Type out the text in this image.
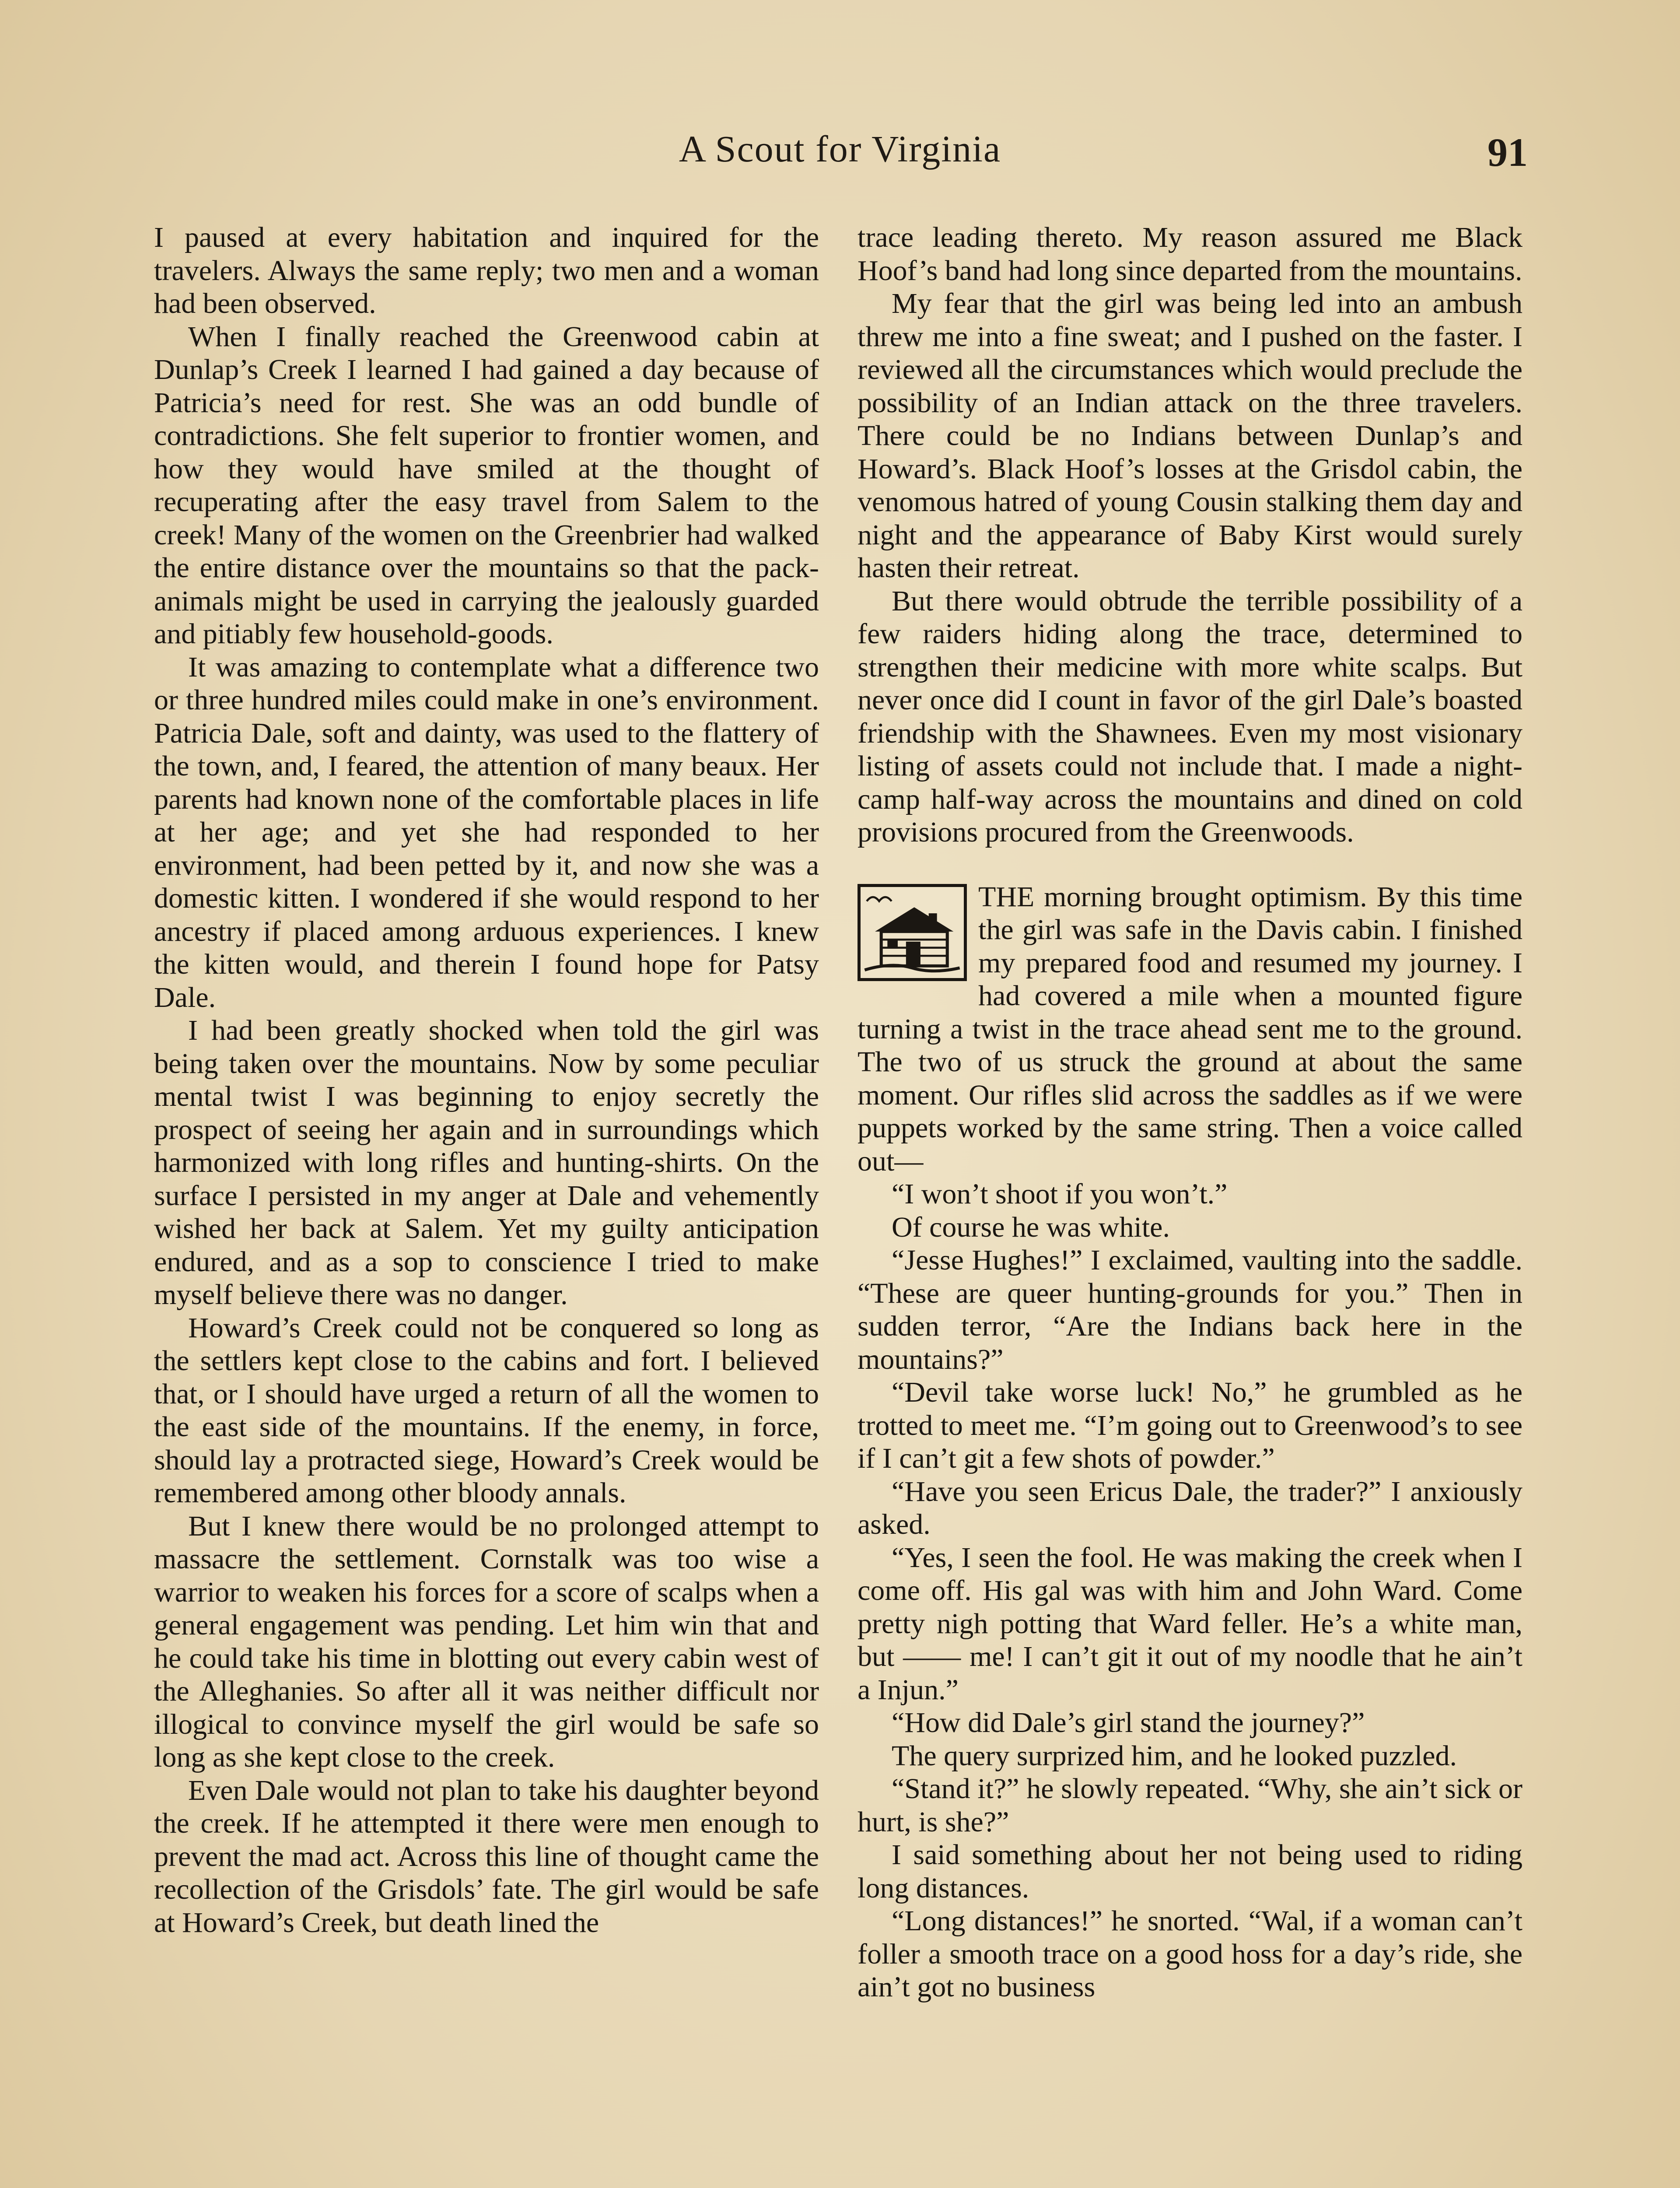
A Scout for Virginia	91

I paused at every habitation and inquired for the travelers. Always the same reply; two men and a woman had been observed.

When I finally reached the Greenwood cabin at Dunlap’s Creek I learned I had gained a day because of Patricia’s need for rest. She was an odd bundle of contradictions. She felt superior to frontier women, and how they would have smiled at the thought of recuperating after the easy travel from Salem to the creek! Many of the women on the Greenbrier had walked the entire distance over the mountains so that the pack-animals might be used in carrying the jealously guarded and pitiably few household-goods.

It was amazing to contemplate what a difference two or three hundred miles could make in one’s environment. Patricia Dale, soft and dainty, was used to the flattery of the town, and, I feared, the attention of many beaux. Her parents had known none of the comfortable places in life at her age; and yet she had responded to her environment, had been petted by it, and now she was a domestic kitten. I wondered if she would respond to her ancestry if placed among arduous experiences. I knew the kitten would, and therein I found hope for Patsy Dale.

I had been greatly shocked when told the girl was being taken over the mountains. Now by some peculiar mental twist I was beginning to enjoy secretly the prospect of seeing her again and in surroundings which harmonized with long rifles and hunting-shirts. On the surface I persisted in my anger at Dale and vehemently wished her back at Salem. Yet my guilty anticipation endured, and as a sop to conscience I tried to make myself believe there was no danger.

Howard’s Creek could not be conquered so long as the settlers kept close to the cabins and fort. I believed that, or I should have urged a return of all the women to the east side of the mountains. If the enemy, in force, should lay a protracted siege, Howard’s Creek would be remembered among other bloody annals.

But I knew there would be no prolonged attempt to massacre the settlement. Cornstalk was too wise a warrior to weaken his forces for a score of scalps when a general engagement was pending. Let him win that and he could take his time in blotting out every cabin west of the Alleghanies. So after all it was neither difficult nor illogical to convince myself the girl would be safe so long as she kept close to the creek.

Even Dale would not plan to take his daughter beyond the creek. If he attempted it there were men enough to prevent the mad act. Across this line of thought came the recollection of the Grisdols’ fate. The girl would be safe at Howard’s Creek, but death lined the

trace leading thereto. My reason assured me Black Hoof’s band had long since departed from the mountains.

My fear that the girl was being led into an ambush threw me into a fine sweat; and I pushed on the faster. I reviewed all the circumstances which would preclude the possibility of an Indian attack on the three travelers. There could be no Indians between Dunlap’s and Howard’s. Black Hoof’s losses at the Grisdol cabin, the venomous hatred of young Cousin stalking them day and night and the appearance of Baby Kirst would surely hasten their retreat.

But there would obtrude the terrible possibility of a few raiders hiding along the trace, determined to strengthen their medicine with more white scalps. But never once did I count in favor of the girl Dale’s boasted friendship with the Shawnees. Even my most visionary listing of assets could not include that. I made a night-camp half-way across the mountains and dined on cold provisions procured from the Greenwoods.

THE morning brought optimism. By this time the girl was safe in the Davis cabin. I finished my prepared food and resumed my journey. I had covered a mile when a mounted figure turning a twist in the trace ahead sent me to the ground. The two of us struck the ground at about the same moment. Our rifles slid across the saddles as if we were puppets worked by the same string. Then a voice called out—

“I won’t shoot if you won’t.”

Of course he was white.

“Jesse Hughes!” I exclaimed, vaulting into the saddle. “These are queer hunting-grounds for you.” Then in sudden terror, “Are the Indians back here in the mountains?”

“Devil take worse luck! No,” he grumbled as he trotted to meet me. “I’m going out to Greenwood’s to see if I can’t git a few shots of powder.”

“Have you seen Ericus Dale, the trader?” I anxiously asked.

“Yes, I seen the fool. He was making the creek when I come off. His gal was with him and John Ward. Come pretty nigh potting that Ward feller. He’s a white man, but —— me! I can’t git it out of my noodle that he ain’t a Injun.”

“How did Dale’s girl stand the journey?”

The query surprized him, and he looked puzzled.

“Stand it?” he slowly repeated. “Why, she ain’t sick or hurt, is she?”

I said something about her not being used to riding long distances.

“Long distances!” he snorted. “Wal, if a woman can’t foller a smooth trace on a good hoss for a day’s ride, she ain’t got no business
